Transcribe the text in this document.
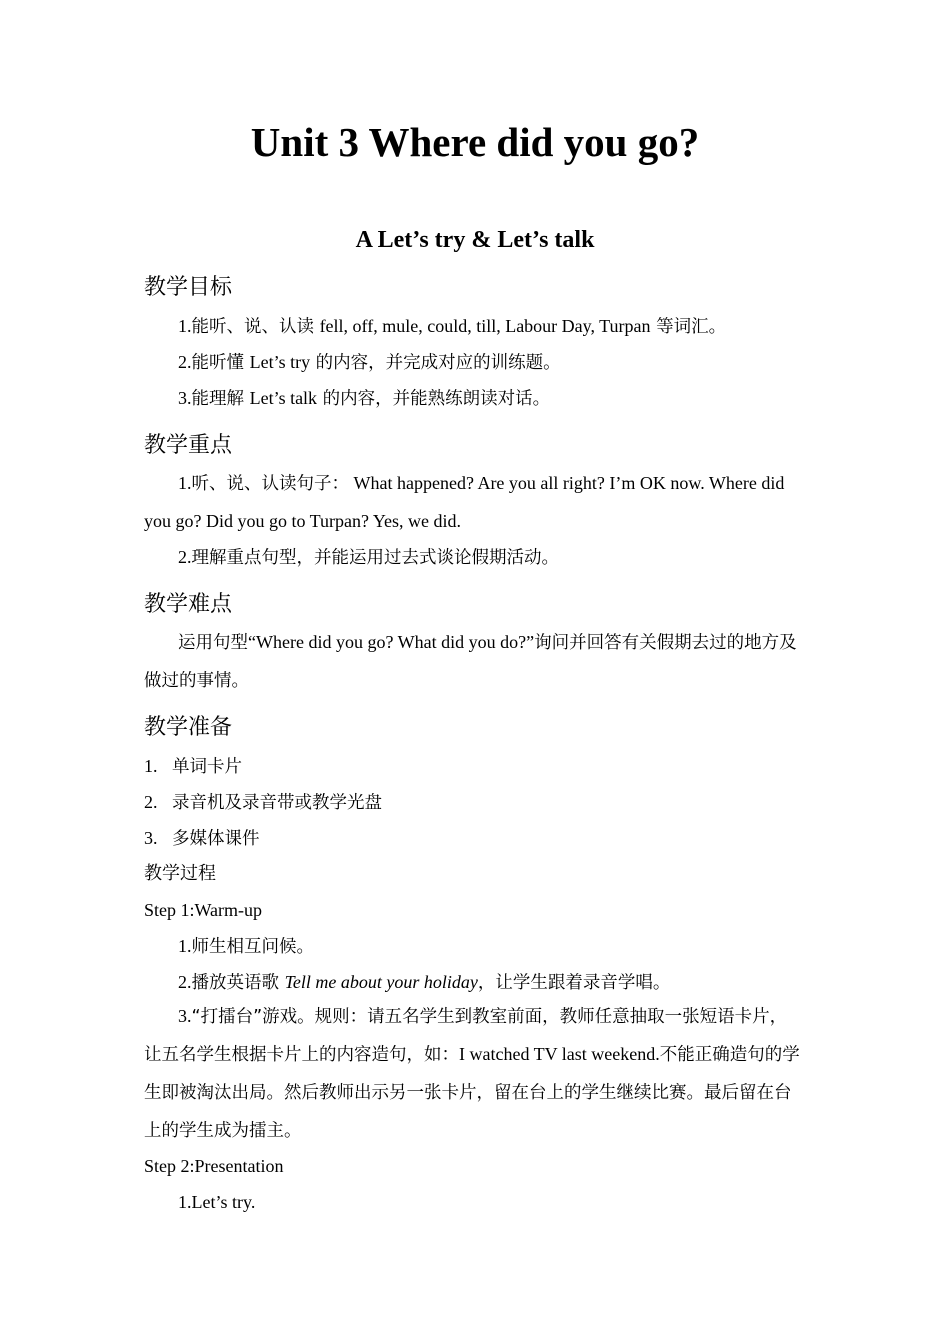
Unit 3 Where did you go?
A Let’s try & Let’s talk
教学目标
1.能听、说、认读 fell, off, mule, could, till, Labour Day, Turpan 等词汇。
2.能听懂 Let’s try 的内容，并完成对应的训练题。
3.能理解 Let’s talk 的内容，并能熟练朗读对话。
教学重点

1.听、说、认读句子： What happened? Are you all right? I’m OK now. Where did you go? Did you go to Turpan? Yes, we did.

2.理解重点句型，并能运用过去式谈论假期活动。
教学难点

运用句型“Where did you go? What did you do?”询问并回答有关假期去过的地方及做过的事情。

教学准备
1. 单词卡片
2. 录音机及录音带或教学光盘
3. 多媒体课件
教学过程
Step 1:Warm-up
1.师生相互问候。
2.播放英语歌 Tell me about your holiday，让学生跟着录音学唱。

3.“打擂台”游戏。规则：请五名学生到教室前面，教师任意抽取一张短语卡片，让五名学生根据卡片上的内容造句，如：I watched TV last weekend.不能正确造句的学生即被淘汰出局。然后教师出示另一张卡片，留在台上的学生继续比赛。最后留在台上的学生成为擂主。

Step 2:Presentation
1.Let’s try.
